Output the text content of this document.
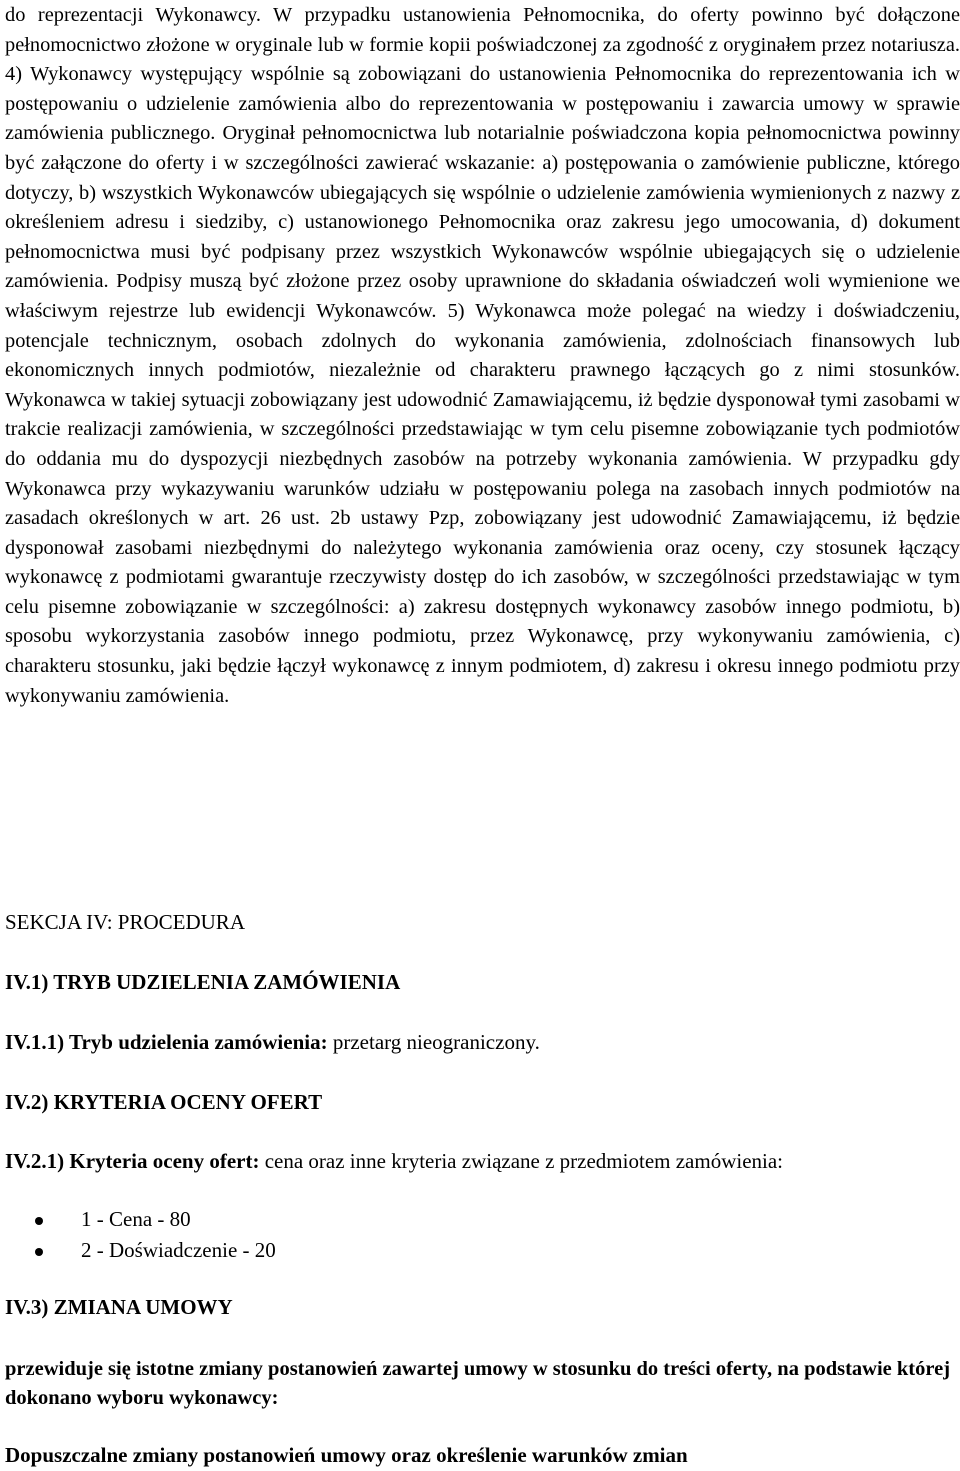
do reprezentacji Wykonawcy. W przypadku ustanowienia Pełnomocnika, do oferty powinno być dołączone pełnomocnictwo złożone w oryginale lub w formie kopii poświadczonej za zgodność z oryginałem przez notariusza. 4) Wykonawcy występujący wspólnie są zobowiązani do ustanowienia Pełnomocnika do reprezentowania ich w postępowaniu o udzielenie zamówienia albo do reprezentowania w postępowaniu i zawarcia umowy w sprawie zamówienia publicznego. Oryginał pełnomocnictwa lub notarialnie poświadczona kopia pełnomocnictwa powinny być załączone do oferty i w szczególności zawierać wskazanie: a) postępowania o zamówienie publiczne, którego dotyczy, b) wszystkich Wykonawców ubiegających się wspólnie o udzielenie zamówienia wymienionych z nazwy z określeniem adresu i siedziby, c) ustanowionego Pełnomocnika oraz zakresu jego umocowania, d) dokument pełnomocnictwa musi być podpisany przez wszystkich Wykonawców wspólnie ubiegających się o udzielenie zamówienia. Podpisy muszą być złożone przez osoby uprawnione do składania oświadczeń woli wymienione we właściwym rejestrze lub ewidencji Wykonawców. 5) Wykonawca może polegać na wiedzy i doświadczeniu, potencjale technicznym, osobach zdolnych do wykonania zamówienia, zdolnościach finansowych lub ekonomicznych innych podmiotów, niezależnie od charakteru prawnego łączących go z nimi stosunków. Wykonawca w takiej sytuacji zobowiązany jest udowodnić Zamawiającemu, iż będzie dysponował tymi zasobami w trakcie realizacji zamówienia, w szczególności przedstawiając w tym celu pisemne zobowiązanie tych podmiotów do oddania mu do dyspozycji niezbędnych zasobów na potrzeby wykonania zamówienia. W przypadku gdy Wykonawca przy wykazywaniu warunków udziału w postępowaniu polega na zasobach innych podmiotów na zasadach określonych w art. 26 ust. 2b ustawy Pzp, zobowiązany jest udowodnić Zamawiającemu, iż będzie dysponował zasobami niezbędnymi do należytego wykonania zamówienia oraz oceny, czy stosunek łączący wykonawcę z podmiotami gwarantuje rzeczywisty dostęp do ich zasobów, w szczególności przedstawiając w tym celu pisemne zobowiązanie w szczególności: a) zakresu dostępnych wykonawcy zasobów innego podmiotu, b) sposobu wykorzystania zasobów innego podmiotu, przez Wykonawcę, przy wykonywaniu zamówienia, c) charakteru stosunku, jaki będzie łączył wykonawcę z innym podmiotem, d) zakresu i okresu innego podmiotu przy wykonywaniu zamówienia.

SEKCJA IV: PROCEDURA

IV.1) TRYB UDZIELENIA ZAMÓWIENIA

IV.1.1) Tryb udzielenia zamówienia: przetarg nieograniczony.

IV.2) KRYTERIA OCENY OFERT

IV.2.1) Kryteria oceny ofert: cena oraz inne kryteria związane z przedmiotem zamówienia:

1 - Cena - 80
2 - Doświadczenie - 20

IV.3) ZMIANA UMOWY

przewiduje się istotne zmiany postanowień zawartej umowy w stosunku do treści oferty, na podstawie której dokonano wyboru wykonawcy:

Dopuszczalne zmiany postanowień umowy oraz określenie warunków zmian
